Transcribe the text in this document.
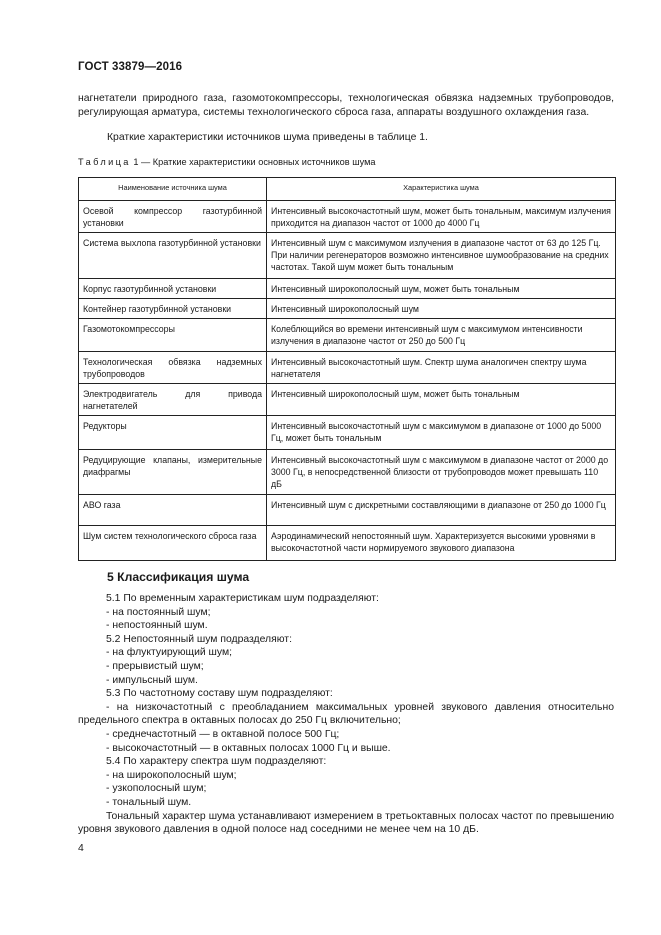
ГОСТ 33879—2016
нагнетатели природного газа, газомотокомпрессоры, технологическая обвязка надземных трубопроводов, регулирующая арматура, системы технологического сброса газа, аппараты воздушного охлаждения газа.
Краткие характеристики источников шума приведены в таблице 1.
Таблица 1 — Краткие характеристики основных источников шума
Наименование источника шума	Характеристика шума
Осевой компрессор газотурбинной установки	Интенсивный высокочастотный шум, может быть тональным, максимум излучения приходится на диапазон частот от 1000 до 4000 Гц
Система выхлопа газотурбинной установки	Интенсивный шум с максимумом излучения в диапазоне частот от 63 до 125 Гц. При наличии регенераторов возможно интенсивное шумообразование на средних частотах. Такой шум может быть тональным
Корпус газотурбинной установки	Интенсивный широкополосный шум, может быть тональным
Контейнер газотурбинной установки	Интенсивный широкополосный шум
Газомотокомпрессоры	Колеблющийся во времени интенсивный шум с максимумом интенсивности излучения в диапазоне частот от 250 до 500 Гц
Технологическая обвязка надземных трубопроводов	Интенсивный высокочастотный шум. Спектр шума аналогичен спектру шума нагнетателя
Электродвигатель для привода нагнетателей	Интенсивный широкополосный шум, может быть тональным
Редукторы	Интенсивный высокочастотный шум с максимумом в диапазоне от 1000 до 5000 Гц, может быть тональным
Редуцирующие клапаны, измерительные диафрагмы	Интенсивный высокочастотный шум с максимумом в диапазоне частот от 2000 до 3000 Гц, в непосредственной близости от трубопроводов может превышать 110 дБ
АВО газа	Интенсивный шум с дискретными составляющими в диапазоне от 250 до 1000 Гц
Шум систем технологического сброса газа	Аэродинамический непостоянный шум. Характеризуется высокими уровнями в высокочастотной части нормируемого звукового диапазона
5 Классификация шума

5.1 По временным характеристикам шум подразделяют:

- на постоянный шум;

- непостоянный шум.

5.2 Непостоянный шум подразделяют:

- на флуктуирующий шум;

- прерывистый шум;

- импульсный шум.

5.3 По частотному составу шум подразделяют:

- на низкочастотный с преобладанием максимальных уровней звукового давления относительно предельного спектра в октавных полосах до 250 Гц включительно;

- среднечастотный — в октавной полосе 500 Гц;

- высокочастотный — в октавных полосах 1000 Гц и выше.

5.4 По характеру спектра шум подразделяют:

- на широкополосный шум;

- узкополосный шум;

- тональный шум.

Тональный характер шума устанавливают измерением в третьоктавных полосах частот по превышению уровня звукового давления в одной полосе над соседними не менее чем на 10 дБ.

4
